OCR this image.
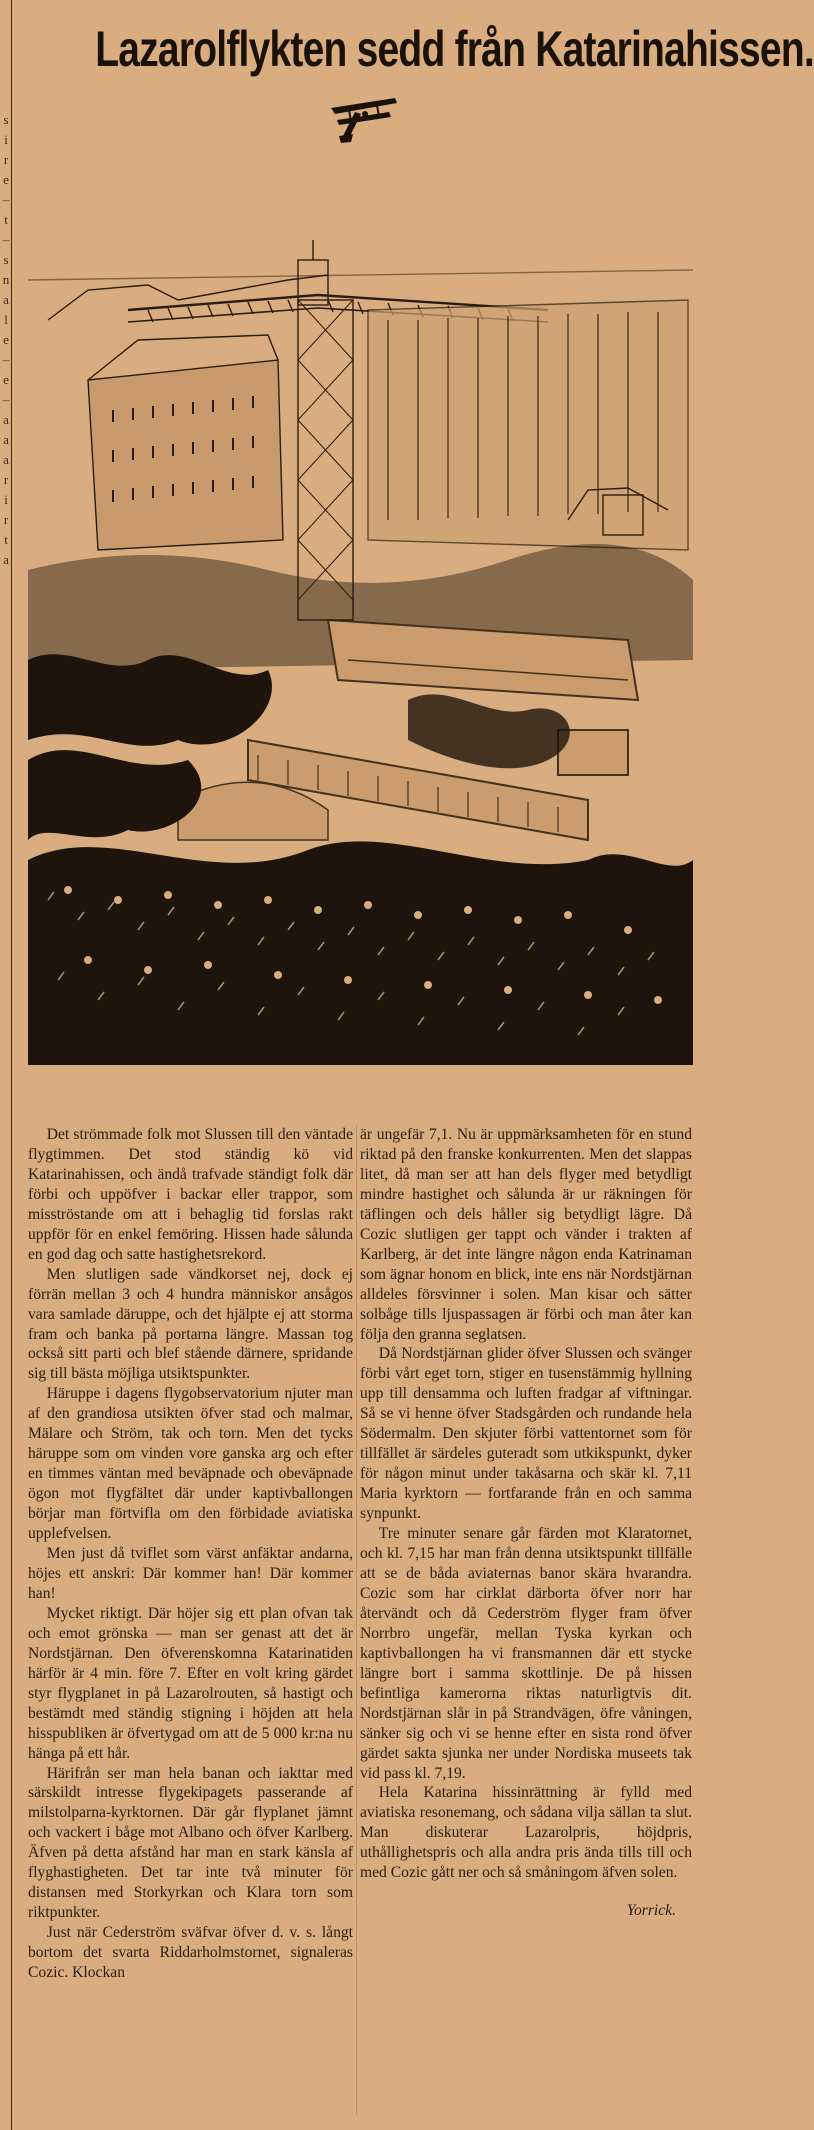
s
i
r
e
–
t
–
s
n
a
l
e
–
e
–
a
a
a
r
i
r
t
a
Lazarolflykten sedd från Katarinahissen.

Det strömmade folk mot Slussen till den väntade flygtimmen. Det stod ständig kö vid Katarinahissen, och ändå trafvade ständigt folk där förbi och uppöfver i backar eller trappor, som misströstande om att i behaglig tid forslas rakt uppför för en enkel femöring. Hissen hade sålunda en god dag och satte hastighetsrekord.

Men slutligen sade vändkorset nej, dock ej förrän mellan 3 och 4 hundra människor ansågos vara samlade däruppe, och det hjälpte ej att storma fram och banka på portarna längre. Massan tog också sitt parti och blef stående därnere, spridande sig till bästa möjliga utsiktspunkter.

Häruppe i dagens flygobservatorium njuter man af den grandiosa utsikten öfver stad och malmar, Mälare och Ström, tak och torn. Men det tycks häruppe som om vinden vore ganska arg och efter en timmes väntan med beväpnade och obeväpnade ögon mot flygfältet där under kaptivballongen börjar man förtvifla om den förbidade aviatiska upplefvelsen.

Men just då tviflet som värst anfäktar andarna, höjes ett anskri: Där kommer han! Där kommer han!

Mycket riktigt. Där höjer sig ett plan ofvan tak och emot grönska — man ser genast att det är Nordstjärnan. Den öfverenskomna Katarinatiden härför är 4 min. före 7. Efter en volt kring gärdet styr flygplanet in på Lazarolrouten, så hastigt och bestämdt med ständig stigning i höjden att hela hisspubliken är öfvertygad om att de 5 000 kr:na nu hänga på ett hår.

Härifrån ser man hela banan och iakttar med särskildt intresse flygekipagets passerande af milstolparna-kyrktornen. Där går flyplanet jämnt och vackert i båge mot Albano och öfver Karlberg. Äfven på detta afstånd har man en stark känsla af flyghastigheten. Det tar inte två minuter för distansen med Storkyrkan och Klara torn som riktpunkter.

Just när Cederström sväfvar öfver d. v. s. långt bortom det svarta Riddarholmstornet, signaleras Cozic. Klockan

är ungefär 7,1. Nu är uppmärksamheten för en stund riktad på den franske konkurrenten. Men det slappas litet, då man ser att han dels flyger med betydligt mindre hastighet och sålunda är ur räkningen för täflingen och dels håller sig betydligt lägre. Då Cozic slutligen ger tappt och vänder i trakten af Karlberg, är det inte längre någon enda Katrinaman som ägnar honom en blick, inte ens när Nordstjärnan alldeles försvinner i solen. Man kisar och sätter solbåge tills ljuspassagen är förbi och man åter kan följa den granna seglatsen.

Då Nordstjärnan glider öfver Slussen och svänger förbi vårt eget torn, stiger en tusenstämmig hyllning upp till densamma och luften fradgar af viftningar. Så se vi henne öfver Stadsgården och rundande hela Södermalm. Den skjuter förbi vattentornet som för tillfället är särdeles guteradt som utkikspunkt, dyker för någon minut under takåsarna och skär kl. 7,11 Maria kyrktorn — fortfarande från en och samma synpunkt.

Tre minuter senare går färden mot Klaratornet, och kl. 7,15 har man från denna utsiktspunkt tillfälle att se de båda aviaternas banor skära hvarandra. Cozic som har cirklat därborta öfver norr har återvändt och då Cederström flyger fram öfver Norrbro ungefär, mellan Tyska kyrkan och kaptivballongen ha vi fransmannen där ett stycke längre bort i samma skottlinje. De på hissen befintliga kamerorna riktas naturligtvis dit. Nordstjärnan slår in på Strandvägen, öfre våningen, sänker sig och vi se henne efter en sista rond öfver gärdet sakta sjunka ner under Nordiska museets tak vid pass kl. 7,19.

Hela Katarina hissinrättning är fylld med aviatiska resonemang, och sådana vilja sällan ta slut. Man diskuterar Lazarolpris, höjdpris, uthållighetspris och alla andra pris ända tills till och med Cozic gått ner och så småningom äfven solen.

Yorrick.
